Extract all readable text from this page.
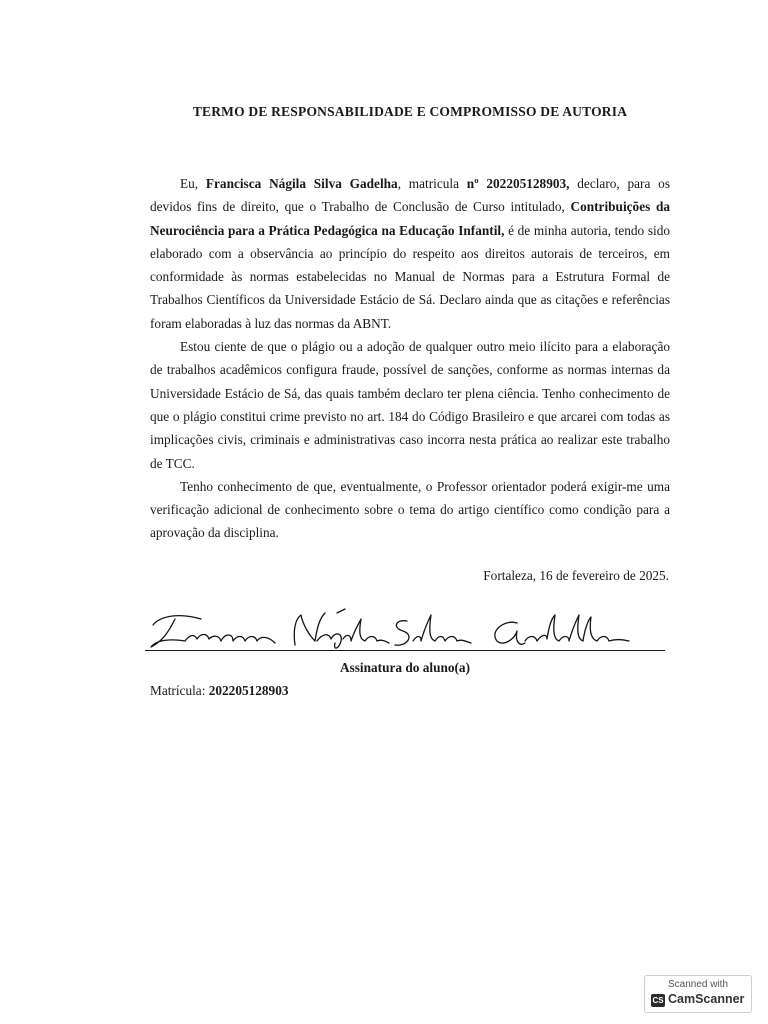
TERMO DE RESPONSABILIDADE E COMPROMISSO DE AUTORIA

Eu, Francisca Nágila Silva Gadelha, matricula nº 202205128903, declaro, para os devidos fins de direito, que o Trabalho de Conclusão de Curso intitulado, Contribuições da Neurociência para a Prática Pedagógica na Educação Infantil, é de minha autoria, tendo sido elaborado com a observância ao princípio do respeito aos direitos autorais de terceiros, em conformidade às normas estabelecidas no Manual de Normas para a Estrutura Formal de Trabalhos Científicos da Universidade Estácio de Sá. Declaro ainda que as citações e referências foram elaboradas à luz das normas da ABNT.

Estou ciente de que o plágio ou a adoção de qualquer outro meio ilícito para a elaboração de trabalhos acadêmicos configura fraude, possível de sanções, conforme as normas internas da Universidade Estácio de Sá, das quais também declaro ter plena ciência. Tenho conhecimento de que o plágio constitui crime previsto no art. 184 do Código Brasileiro e que arcarei com todas as implicações civis, criminais e administrativas caso incorra nesta prática ao realizar este trabalho de TCC.

Tenho conhecimento de que, eventualmente, o Professor orientador poderá exigir-me uma verificação adicional de conhecimento sobre o tema do artigo científico como condição para a aprovação da disciplina.

Fortaleza, 16 de fevereiro de 2025.
Assinatura do aluno(a)
Matrícula: 202205128903
Scanned with
CS CamScanner
